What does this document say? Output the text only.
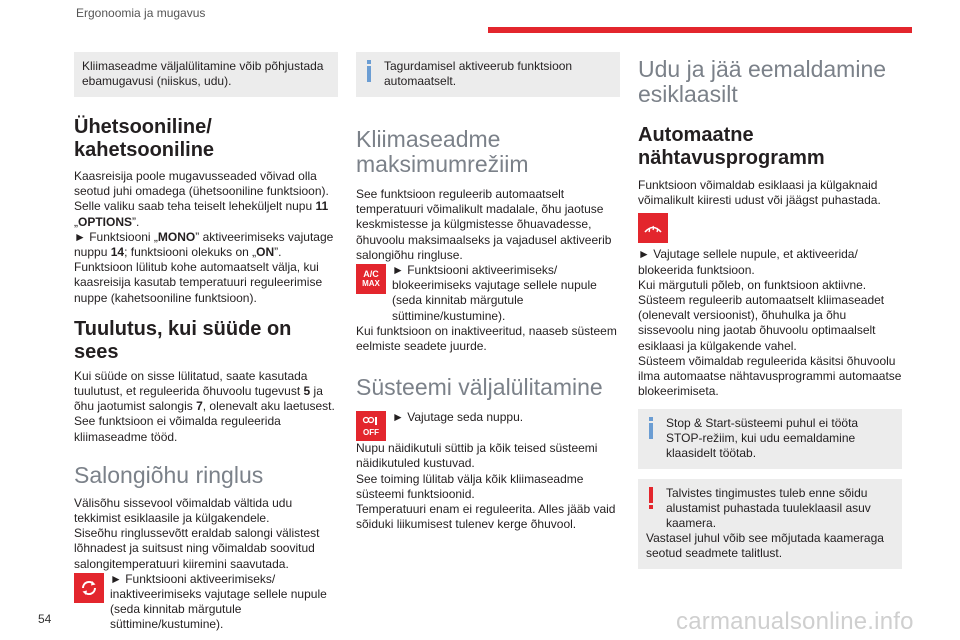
Ergonoomia ja mugavus
Kliimaseadme väljalülitamine võib põhjustada ebamugavusi (niiskus, udu).
Ühetsooniline/ kahetsooniline
Kaasreisija poole mugavusseaded võivad olla seotud juhi omadega (ühetsooniline funktsioon). Selle valiku saab teha teiselt leheküljelt nupu 11 „OPTIONS”.
► Funktsiooni „MONO” aktiveerimiseks vajutage nuppu 14; funktsiooni olekuks on „ON”.
Funktsioon lülitub kohe automaatselt välja, kui kaasreisija kasutab temperatuuri reguleerimise nuppe (kahetsooniline funktsioon).
Tuulutus, kui süüde on sees
Kui süüde on sisse lülitatud, saate kasutada tuulutust, et reguleerida õhuvoolu tugevust 5 ja õhu jaotumist salongis 7, olenevalt aku laetusest.
See funktsioon ei võimalda reguleerida kliimaseadme tööd.
Salongiõhu ringlus
Välisõhu sissevool võimaldab vältida udu tekkimist esiklaasile ja külgakendele.
Siseõhu ringlussevõtt eraldab salongi välistest lõhnadest ja suitsust ning võimaldab soovitud salongitemperatuuri kiiremini saavutada.
► Funktsiooni aktiveerimiseks/ inaktiveerimiseks vajutage sellele nupule (seda kinnitab märgutule süttimine/kustumine).
Tagurdamisel aktiveerub funktsioon automaatselt.
Kliimaseadme maksimumrežiim
See funktsioon reguleerib automaatselt temperatuuri võimalikult madalale, õhu jaotuse keskmistesse ja külgmistesse õhuavadesse, õhuvoolu maksimaalseks ja vajadusel aktiveerib salongiõhu ringluse.
A/C
MAX
► Funktsiooni aktiveerimiseks/ blokeerimiseks vajutage sellele nupule (seda kinnitab märgutule süttimine/kustumine).
Kui funktsioon on inaktiveeritud, naaseb süsteem eelmiste seadete juurde.
Süsteemi väljalülitamine
OFF
► Vajutage seda nuppu.
Nupu näidikutuli süttib ja kõik teised süsteemi näidikutuled kustuvad.
See toiming lülitab välja kõik kliimaseadme süsteemi funktsioonid.
Temperatuuri enam ei reguleerita. Alles jääb vaid sõiduki liikumisest tulenev kerge õhuvool.
Udu ja jää eemaldamine esiklaasilt
Automaatne nähtavusprogramm
Funktsioon võimaldab esiklaasi ja külgaknaid võimalikult kiiresti udust või jäägst puhastada.
► Vajutage sellele nupule, et aktiveerida/ blokeerida funktsioon.
Kui märgutuli põleb, on funktsioon aktiivne.
Süsteem reguleerib automaatselt kliimaseadet (olenevalt versioonist), õhuhulka ja õhu sissevoolu ning jaotab õhuvoolu optimaalselt esiklaasi ja külgakende vahel.
Süsteem võimaldab reguleerida käsitsi õhuvoolu ilma automaatse nähtavusprogrammi automaatse blokeerimiseta.
Stop & Start-süsteemi puhul ei tööta STOP-režiim, kui udu eemaldamine klaasidelt töötab.
Talvistes tingimustes tuleb enne sõidu alustamist puhastada tuuleklaasil asuv kaamera.
Vastasel juhul võib see mõjutada kaameraga seotud seadmete talitlust.
54	carmanualsonline.info
